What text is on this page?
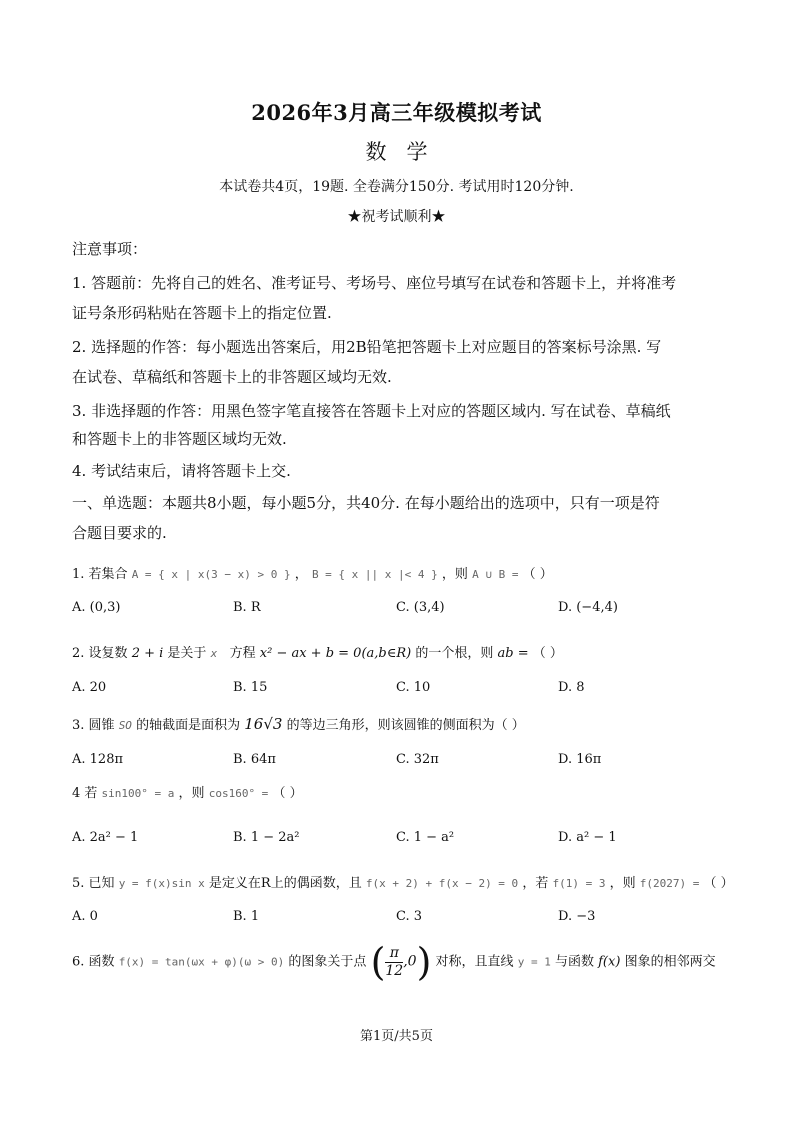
2026年3月高三年级模拟考试
数学
本试卷共4页，19题. 全卷满分150分. 考试用时120分钟.
★祝考试顺利★
注意事项：
1. 答题前：先将自己的姓名、准考证号、考场号、座位号填写在试卷和答题卡上，并将准考
证号条形码粘贴在答题卡上的指定位置.
2. 选择题的作答：每小题选出答案后，用2B铅笔把答题卡上对应题目的答案标号涂黑. 写
在试卷、草稿纸和答题卡上的非答题区域均无效.
3. 非选择题的作答：用黑色签字笔直接答在答题卡上对应的答题区域内. 写在试卷、草稿纸
和答题卡上的非答题区域均无效.
4. 考试结束后，请将答题卡上交.
一、单选题：本题共8小题，每小题5分，共40分. 在每小题给出的选项中，只有一项是符
合题目要求的.
1. 若集合 A = { x | x(3 − x) > 0 } ， B = { x || x |< 4 } ，则 A ∪ B = （ ）
A. (0,3)	B. R	C. (3,4)	D. (−4,4)
2. 设复数 2 + i 是关于 x 方程 x² − ax + b = 0(a,b∈R) 的一个根，则 ab = （ ）
A. 20	B. 15	C. 10	D. 8
3. 圆锥 SO 的轴截面是面积为 16√3 的等边三角形，则该圆锥的侧面积为（ ）
A. 128π	B. 64π	C. 32π	D. 16π
4 若 sin100° = a ，则 cos160° = （ ）
A. 2a² − 1	B. 1 − 2a²	C. 1 − a²	D. a² − 1
5. 已知 y = f(x)sin x 是定义在R上的偶函数，且 f(x + 2) + f(x − 2) = 0 ，若 f(1) = 3 ，则 f(2027) = （ ）
A. 0	B. 1	C. 3	D. −3
6. 函数 f(x) = tan(ωx + φ)(ω > 0) 的图象关于点 ( $\frac{\pi}{12} ,0$) 对称，且直线 y = 1 与函数 f(x) 图象的相邻两交
第1页/共5页
